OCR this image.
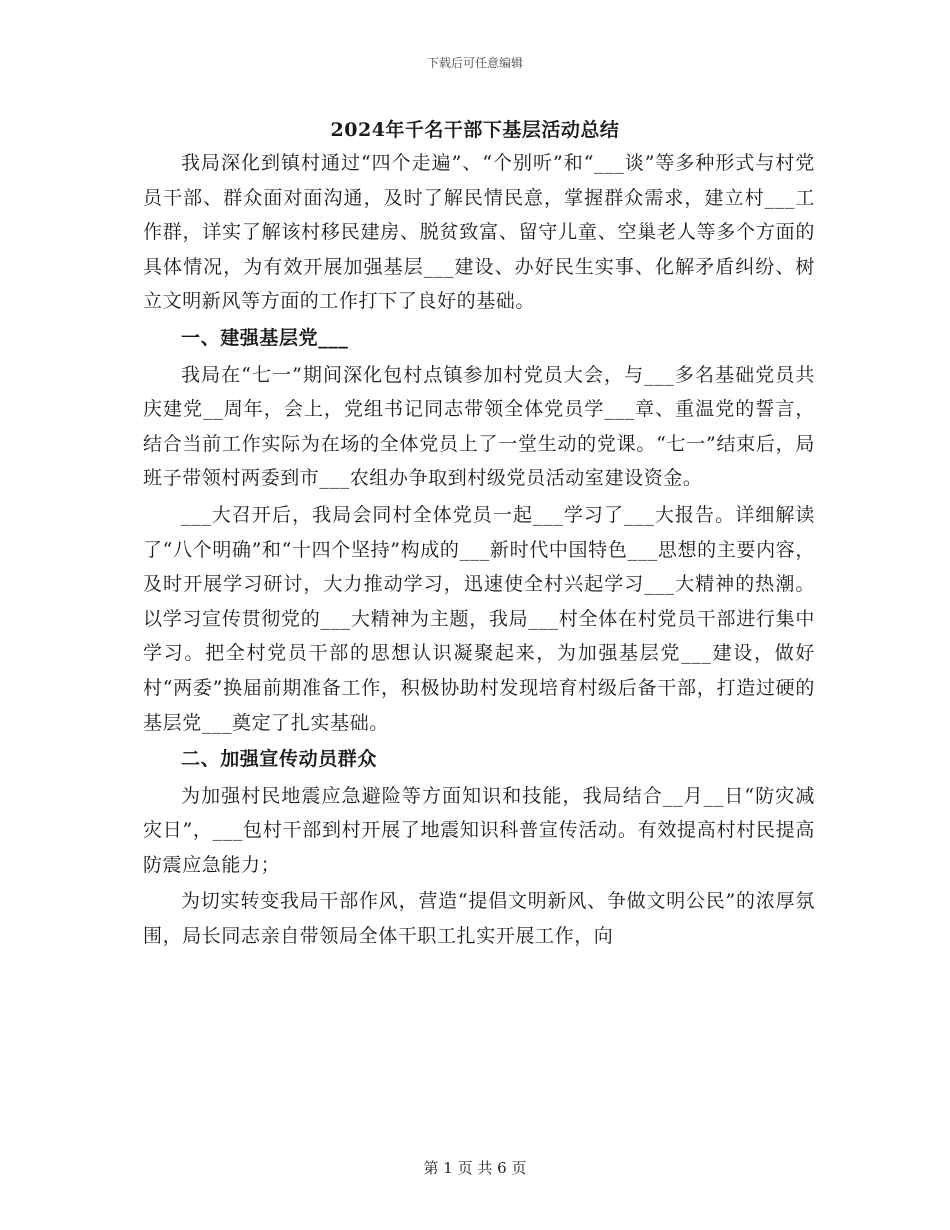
下载后可任意编辑
2024年千名干部下基层活动总结

我局深化到镇村通过“四个走遍”、“个别听”和“___谈”等多种形式与村党员干部、群众面对面沟通，及时了解民情民意，掌握群众需求，建立村___工作群，详实了解该村移民建房、脱贫致富、留守儿童、空巢老人等多个方面的具体情况，为有效开展加强基层___建设、办好民生实事、化解矛盾纠纷、树立文明新风等方面的工作打下了良好的基础。

一、建强基层党___

我局在“七一”期间深化包村点镇参加村党员大会，与___多名基础党员共庆建党__周年，会上，党组书记同志带领全体党员学___章、重温党的誓言，结合当前工作实际为在场的全体党员上了一堂生动的党课。“七一”结束后，局班子带领村两委到市___农组办争取到村级党员活动室建设资金。

___大召开后，我局会同村全体党员一起___学习了___大报告。详细解读了“八个明确”和“十四个坚持”构成的___新时代中国特色___思想的主要内容，及时开展学习研讨，大力推动学习，迅速使全村兴起学习___大精神的热潮。以学习宣传贯彻党的___大精神为主题，我局___村全体在村党员干部进行集中学习。把全村党员干部的思想认识凝聚起来，为加强基层党___建设，做好村“两委”换届前期准备工作，积极协助村发现培育村级后备干部，打造过硬的基层党___奠定了扎实基础。

二、加强宣传动员群众

为加强村民地震应急避险等方面知识和技能，我局结合__月__日“防灾减灾日”，___包村干部到村开展了地震知识科普宣传活动。有效提高村村民提高防震应急能力；

为切实转变我局干部作风，营造“提倡文明新风、争做文明公民”的浓厚氛围，局长同志亲自带领局全体干职工扎实开展工作，向

第 1 页 共 6 页
